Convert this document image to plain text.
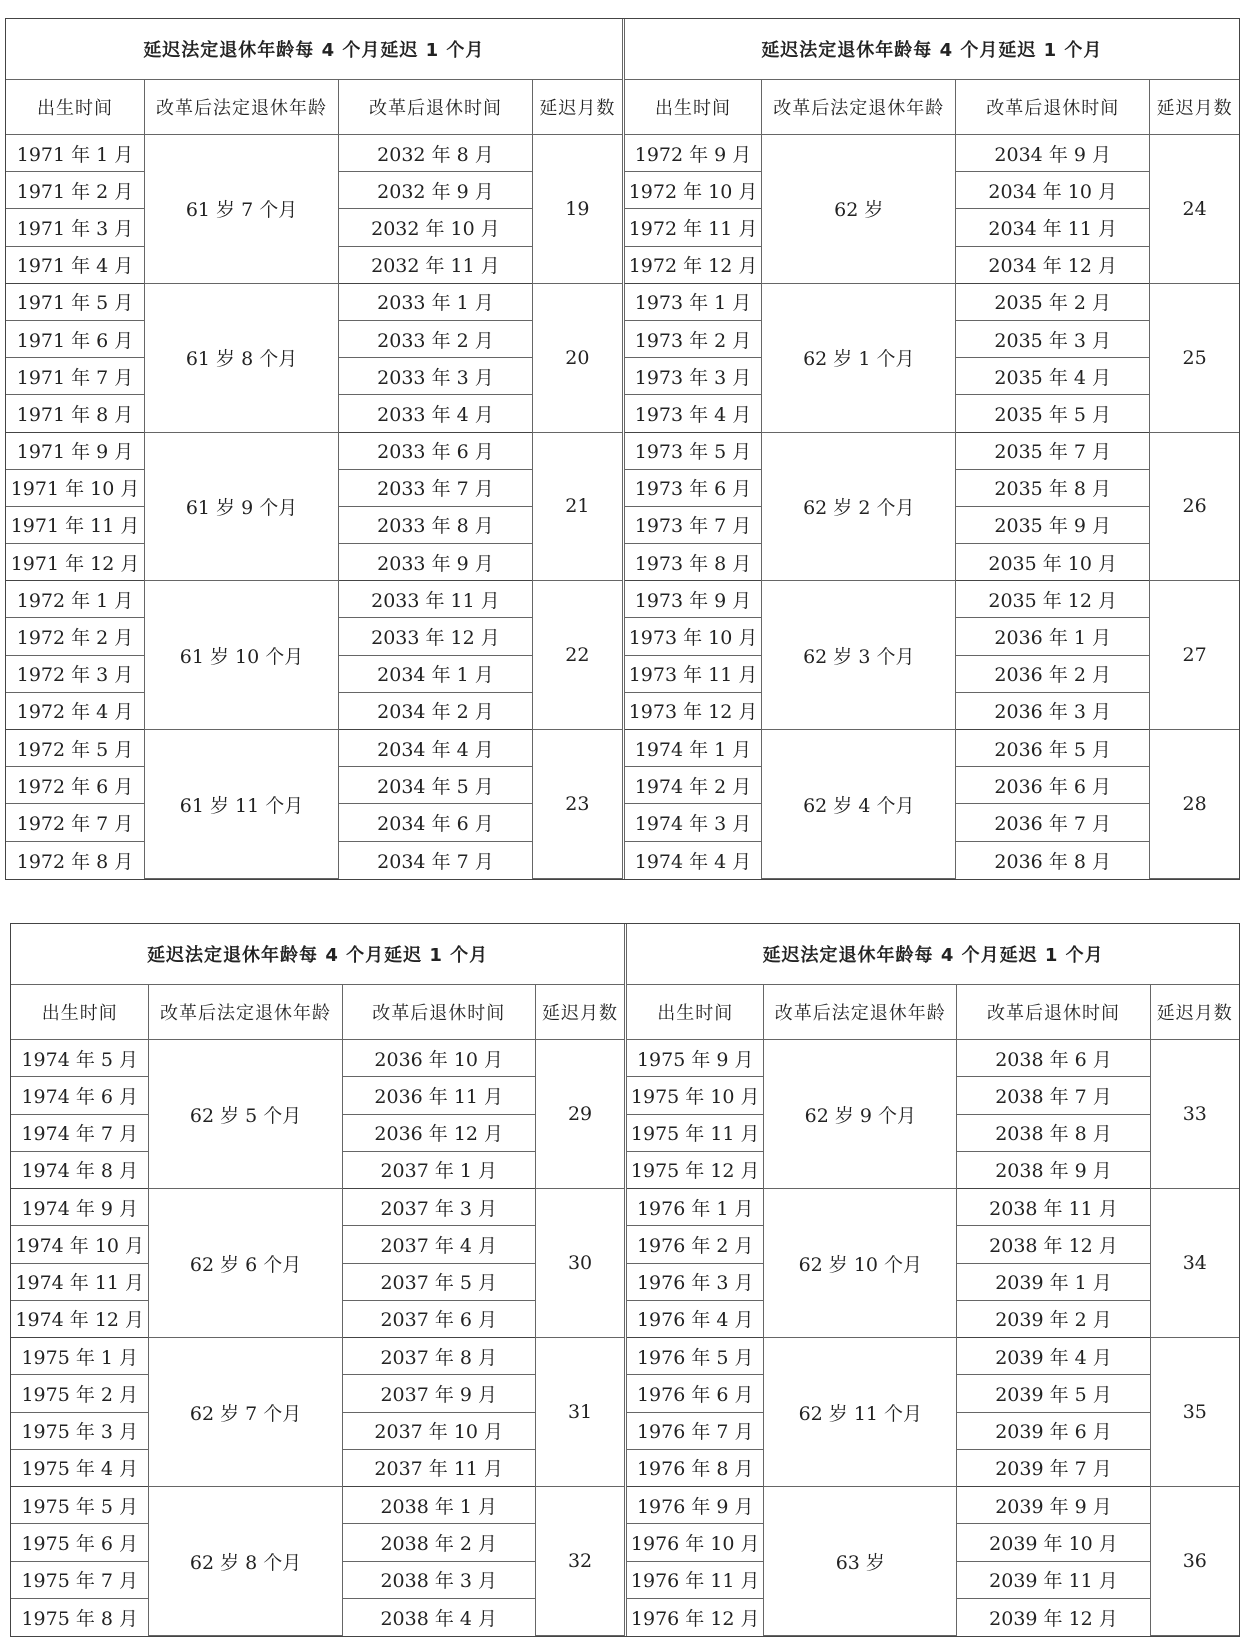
延迟法定退休年龄每 4 个月延迟 1 个月			
出生时间	改革后法定退休年龄	改革后退休时间	延迟月数
1971 年 1 月	61 岁 7 个月	2032 年 8 月	19
1971 年 2 月		2032 年 9 月	
1971 年 3 月		2032 年 10 月	
1971 年 4 月		2032 年 11 月	
1971 年 5 月	61 岁 8 个月	2033 年 1 月	20
1971 年 6 月		2033 年 2 月	
1971 年 7 月		2033 年 3 月	
1971 年 8 月		2033 年 4 月	
1971 年 9 月	61 岁 9 个月	2033 年 6 月	21
1971 年 10 月		2033 年 7 月	
1971 年 11 月		2033 年 8 月	
1971 年 12 月		2033 年 9 月	
1972 年 1 月	61 岁 10 个月	2033 年 11 月	22
1972 年 2 月		2033 年 12 月	
1972 年 3 月		2034 年 1 月	
1972 年 4 月		2034 年 2 月	
1972 年 5 月	61 岁 11 个月	2034 年 4 月	23
1972 年 6 月		2034 年 5 月	
1972 年 7 月		2034 年 6 月	
1972 年 8 月		2034 年 7 月	
延迟法定退休年龄每 4 个月延迟 1 个月			
出生时间	改革后法定退休年龄	改革后退休时间	延迟月数
1972 年 9 月	62 岁	2034 年 9 月	24
1972 年 10 月		2034 年 10 月	
1972 年 11 月		2034 年 11 月	
1972 年 12 月		2034 年 12 月	
1973 年 1 月	62 岁 1 个月	2035 年 2 月	25
1973 年 2 月		2035 年 3 月	
1973 年 3 月		2035 年 4 月	
1973 年 4 月		2035 年 5 月	
1973 年 5 月	62 岁 2 个月	2035 年 7 月	26
1973 年 6 月		2035 年 8 月	
1973 年 7 月		2035 年 9 月	
1973 年 8 月		2035 年 10 月	
1973 年 9 月	62 岁 3 个月	2035 年 12 月	27
1973 年 10 月		2036 年 1 月	
1973 年 11 月		2036 年 2 月	
1973 年 12 月		2036 年 3 月	
1974 年 1 月	62 岁 4 个月	2036 年 5 月	28
1974 年 2 月		2036 年 6 月	
1974 年 3 月		2036 年 7 月	
1974 年 4 月		2036 年 8 月	
延迟法定退休年龄每 4 个月延迟 1 个月			
出生时间	改革后法定退休年龄	改革后退休时间	延迟月数
1974 年 5 月	62 岁 5 个月	2036 年 10 月	29
1974 年 6 月		2036 年 11 月	
1974 年 7 月		2036 年 12 月	
1974 年 8 月		2037 年 1 月	
1974 年 9 月	62 岁 6 个月	2037 年 3 月	30
1974 年 10 月		2037 年 4 月	
1974 年 11 月		2037 年 5 月	
1974 年 12 月		2037 年 6 月	
1975 年 1 月	62 岁 7 个月	2037 年 8 月	31
1975 年 2 月		2037 年 9 月	
1975 年 3 月		2037 年 10 月	
1975 年 4 月		2037 年 11 月	
1975 年 5 月	62 岁 8 个月	2038 年 1 月	32
1975 年 6 月		2038 年 2 月	
1975 年 7 月		2038 年 3 月	
1975 年 8 月		2038 年 4 月	
延迟法定退休年龄每 4 个月延迟 1 个月			
出生时间	改革后法定退休年龄	改革后退休时间	延迟月数
1975 年 9 月	62 岁 9 个月	2038 年 6 月	33
1975 年 10 月		2038 年 7 月	
1975 年 11 月		2038 年 8 月	
1975 年 12 月		2038 年 9 月	
1976 年 1 月	62 岁 10 个月	2038 年 11 月	34
1976 年 2 月		2038 年 12 月	
1976 年 3 月		2039 年 1 月	
1976 年 4 月		2039 年 2 月	
1976 年 5 月	62 岁 11 个月	2039 年 4 月	35
1976 年 6 月		2039 年 5 月	
1976 年 7 月		2039 年 6 月	
1976 年 8 月		2039 年 7 月	
1976 年 9 月	63 岁	2039 年 9 月	36
1976 年 10 月		2039 年 10 月	
1976 年 11 月		2039 年 11 月	
1976 年 12 月		2039 年 12 月	
